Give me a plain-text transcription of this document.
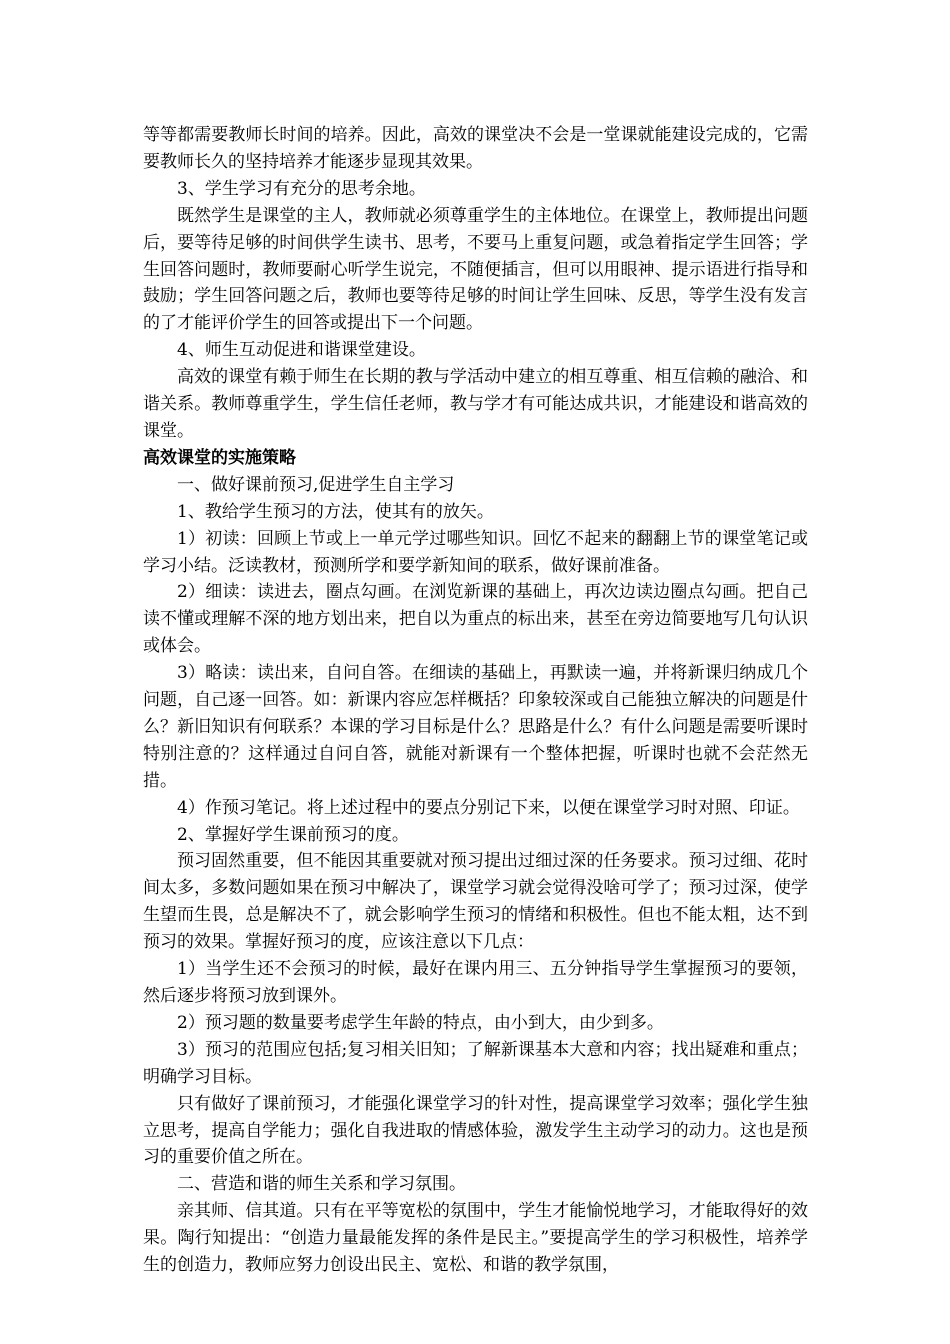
等等都需要教师长时间的培养。因此，高效的课堂决不会是一堂课就能建设完成的，它需要教师长久的坚持培养才能逐步显现其效果。

3、学生学习有充分的思考余地。

既然学生是课堂的主人，教师就必须尊重学生的主体地位。在课堂上，教师提出问题后，要等待足够的时间供学生读书、思考，不要马上重复问题，或急着指定学生回答；学生回答问题时，教师要耐心听学生说完，不随便插言，但可以用眼神、提示语进行指导和鼓励；学生回答问题之后，教师也要等待足够的时间让学生回味、反思，等学生没有发言的了才能评价学生的回答或提出下一个问题。

4、师生互动促进和谐课堂建设。

高效的课堂有赖于师生在长期的教与学活动中建立的相互尊重、相互信赖的融洽、和谐关系。教师尊重学生，学生信任老师，教与学才有可能达成共识，才能建设和谐高效的课堂。

高效课堂的实施策略

一、做好课前预习,促进学生自主学习

1、教给学生预习的方法，使其有的放矢。

1）初读：回顾上节或上一单元学过哪些知识。回忆不起来的翻翻上节的课堂笔记或学习小结。泛读教材，预测所学和要学新知间的联系，做好课前准备。

2）细读：读进去，圈点勾画。在浏览新课的基础上，再次边读边圈点勾画。把自己读不懂或理解不深的地方划出来，把自以为重点的标出来，甚至在旁边简要地写几句认识或体会。

3）略读：读出来，自问自答。在细读的基础上，再默读一遍，并将新课归纳成几个问题，自己逐一回答。如：新课内容应怎样概括？印象较深或自己能独立解决的问题是什么？新旧知识有何联系？本课的学习目标是什么？思路是什么？有什么问题是需要听课时特别注意的？这样通过自问自答，就能对新课有一个整体把握，听课时也就不会茫然无措。

4）作预习笔记。将上述过程中的要点分别记下来，以便在课堂学习时对照、印证。

2、掌握好学生课前预习的度。

预习固然重要，但不能因其重要就对预习提出过细过深的任务要求。预习过细、花时间太多，多数问题如果在预习中解决了，课堂学习就会觉得没啥可学了；预习过深，使学生望而生畏，总是解决不了，就会影响学生预习的情绪和积极性。但也不能太粗，达不到预习的效果。掌握好预习的度，应该注意以下几点：

1）当学生还不会预习的时候，最好在课内用三、五分钟指导学生掌握预习的要领，然后逐步将预习放到课外。

2）预习题的数量要考虑学生年龄的特点，由小到大，由少到多。

3）预习的范围应包括;复习相关旧知；了解新课基本大意和内容；找出疑难和重点；明确学习目标。

只有做好了课前预习，才能强化课堂学习的针对性，提高课堂学习效率；强化学生独立思考，提高自学能力；强化自我进取的情感体验，激发学生主动学习的动力。这也是预习的重要价值之所在。

二、营造和谐的师生关系和学习氛围。

亲其师、信其道。只有在平等宽松的氛围中，学生才能愉悦地学习，才能取得好的效果。陶行知提出：“创造力量最能发挥的条件是民主。”要提高学生的学习积极性，培养学生的创造力，教师应努力创设出民主、宽松、和谐的教学氛围，
